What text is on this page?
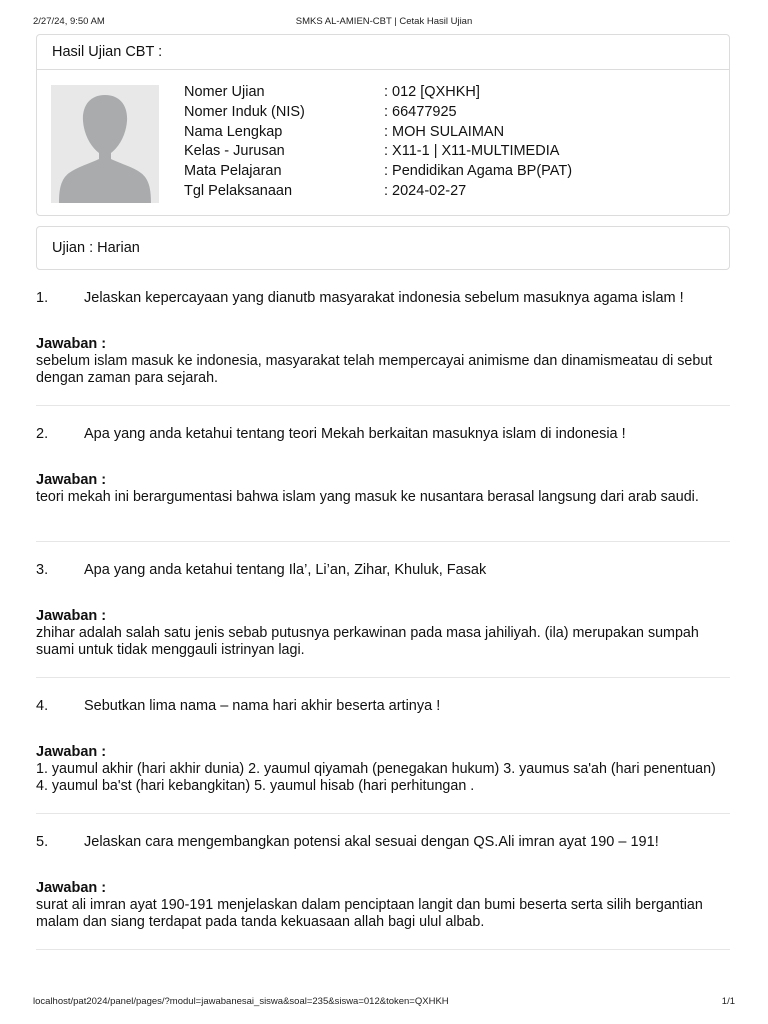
2/27/24, 9:50 AM	SMKS AL-AMIEN-CBT | Cetak Hasil Ujian
Hasil Ujian CBT :
Nomer Ujian	: 012 [QXHKH]
Nomer Induk (NIS)	: 66477925
Nama Lengkap	: MOH SULAIMAN
Kelas - Jurusan	: X11-1 | X11-MULTIMEDIA
Mata Pelajaran	: Pendidikan Agama BP(PAT)
Tgl Pelaksanaan	: 2024-02-27
Ujian : Harian
1. Jelaskan kepercayaan yang dianutb masyarakat indonesia sebelum masuknya agama islam !
Jawaban :
sebelum islam masuk ke indonesia, masyarakat telah mempercayai animisme dan dinamismeatau di sebut dengan zaman para sejarah.
2. Apa yang anda ketahui tentang teori Mekah berkaitan masuknya islam di indonesia !
Jawaban :
teori mekah ini berargumentasi bahwa islam yang masuk ke nusantara berasal langsung dari arab saudi.
3. Apa yang anda ketahui tentang Ila’, Li’an, Zihar, Khuluk, Fasak
Jawaban :
zhihar adalah salah satu jenis sebab putusnya perkawinan pada masa jahiliyah. (ila) merupakan sumpah suami untuk tidak menggauli istrinyan lagi.
4. Sebutkan lima nama – nama hari akhir beserta artinya !
Jawaban :
1. yaumul akhir (hari akhir dunia) 2. yaumul qiyamah (penegakan hukum) 3. yaumus sa'ah (hari penentuan) 4. yaumul ba'st (hari kebangkitan) 5. yaumul hisab (hari perhitungan .
5. Jelaskan cara mengembangkan potensi akal sesuai dengan QS.Ali imran ayat 190 – 191!
Jawaban :
surat ali imran ayat 190-191 menjelaskan dalam penciptaan langit dan bumi beserta serta silih bergantian malam dan siang terdapat pada tanda kekuasaan allah bagi ulul albab.
localhost/pat2024/panel/pages/?modul=jawabanesai_siswa&soal=235&siswa=012&token=QXHKH	1/1
